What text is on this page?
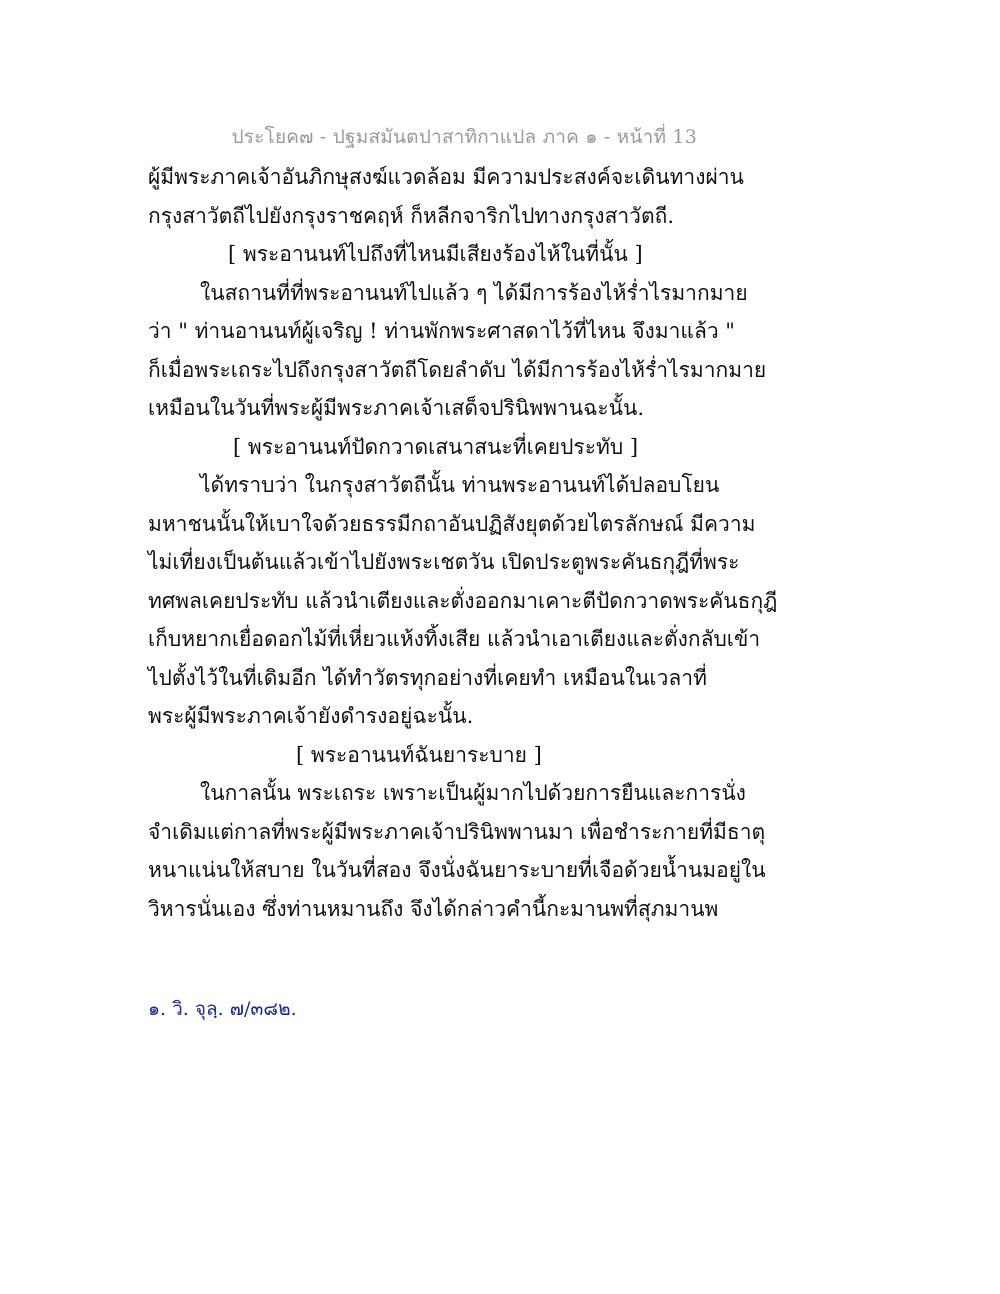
ประโยค๗ - ปฐมสมันตปาสาทิกาแปล ภาค ๑ - หน้าที่ 13
ผู้มีพระภาคเจ้าอันภิกษุสงฆ์แวดล้อม มีความประสงค์จะเดินทางผ่าน
กรุงสาวัตถีไปยังกรุงราชคฤห์ ก็หลีกจาริกไปทางกรุงสาวัตถี.
[ พระอานนท์ไปถึงที่ไหนมีเสียงร้องไห้ในที่นั้น ]
ในสถานที่ที่พระอานนท์ไปแล้ว ๆ ได้มีการร้องไห้ร่ำไรมากมาย
ว่า " ท่านอานนท์ผู้เจริญ ! ท่านพักพระศาสดาไว้ที่ไหน จึงมาแล้ว "
ก็เมื่อพระเถระไปถึงกรุงสาวัตถีโดยลำดับ ได้มีการร้องไห้ร่ำไรมากมาย
เหมือนในวันที่พระผู้มีพระภาคเจ้าเสด็จปรินิพพานฉะนั้น.
[ พระอานนท์ปัดกวาดเสนาสนะที่เคยประทับ ]
ได้ทราบว่า ในกรุงสาวัตถีนั้น ท่านพระอานนท์ได้ปลอบโยน
มหาชนนั้นให้เบาใจด้วยธรรมีกถาอันปฏิสังยุตด้วยไตรลักษณ์ มีความ
ไม่เที่ยงเป็นต้นแล้วเข้าไปยังพระเชตวัน เปิดประตูพระคันธกุฎีที่พระ
ทศพลเคยประทับ แล้วนำเตียงและตั่งออกมาเคาะตีปัดกวาดพระคันธกุฎี
เก็บหยากเยื่อดอกไม้ที่เหี่ยวแห้งทิ้งเสีย แล้วนำเอาเตียงและตั่งกลับเข้า
ไปตั้งไว้ในที่เดิมอีก ได้ทำวัตรทุกอย่างที่เคยทำ เหมือนในเวลาที่
พระผู้มีพระภาคเจ้ายังดำรงอยู่ฉะนั้น.
[ พระอานนท์ฉันยาระบาย ]
ในกาลนั้น พระเถระ เพราะเป็นผู้มากไปด้วยการยืนและการนั่ง
จำเดิมแต่กาลที่พระผู้มีพระภาคเจ้าปรินิพพานมา เพื่อชำระกายที่มีธาตุ
หนาแน่นให้สบาย ในวันที่สอง จึงนั่งฉันยาระบายที่เจือด้วยน้ำนมอยู่ใน
วิหารนั่นเอง ซึ่งท่านหมานถึง จึงได้กล่าวคำนี้กะมานพที่สุภมานพ
๑. วิ. จุลฺ. ๗/๓๘๒.
